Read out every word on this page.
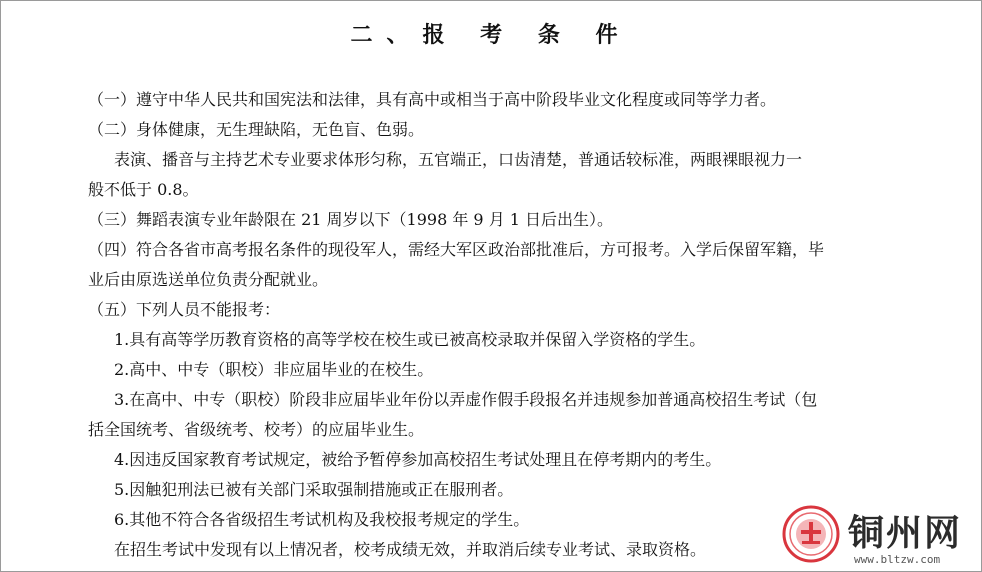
二、报 考 条 件
（一）遵守中华人民共和国宪法和法律，具有高中或相当于高中阶段毕业文化程度或同等学力者。
（二）身体健康，无生理缺陷，无色盲、色弱。
表演、播音与主持艺术专业要求体形匀称，五官端正，口齿清楚，普通话较标准，两眼裸眼视力一
般不低于 0.8。
（三）舞蹈表演专业年龄限在 21 周岁以下（1998 年 9 月 1 日后出生）。
（四）符合各省市高考报名条件的现役军人，需经大军区政治部批准后，方可报考。入学后保留军籍，毕
业后由原选送单位负责分配就业。
（五）下列人员不能报考：
1.具有高等学历教育资格的高等学校在校生或已被高校录取并保留入学资格的学生。
2.高中、中专（职校）非应届毕业的在校生。
3.在高中、中专（职校）阶段非应届毕业年份以弄虚作假手段报名并违规参加普通高校招生考试（包
括全国统考、省级统考、校考）的应届毕业生。
4.因违反国家教育考试规定，被给予暂停参加高校招生考试处理且在停考期内的考生。
5.因触犯刑法已被有关部门采取强制措施或正在服刑者。
6.其他不符合各省级招生考试机构及我校报考规定的学生。
在招生考试中发现有以上情况者，校考成绩无效，并取消后续专业考试、录取资格。	铜州网
www.bltzw.com
